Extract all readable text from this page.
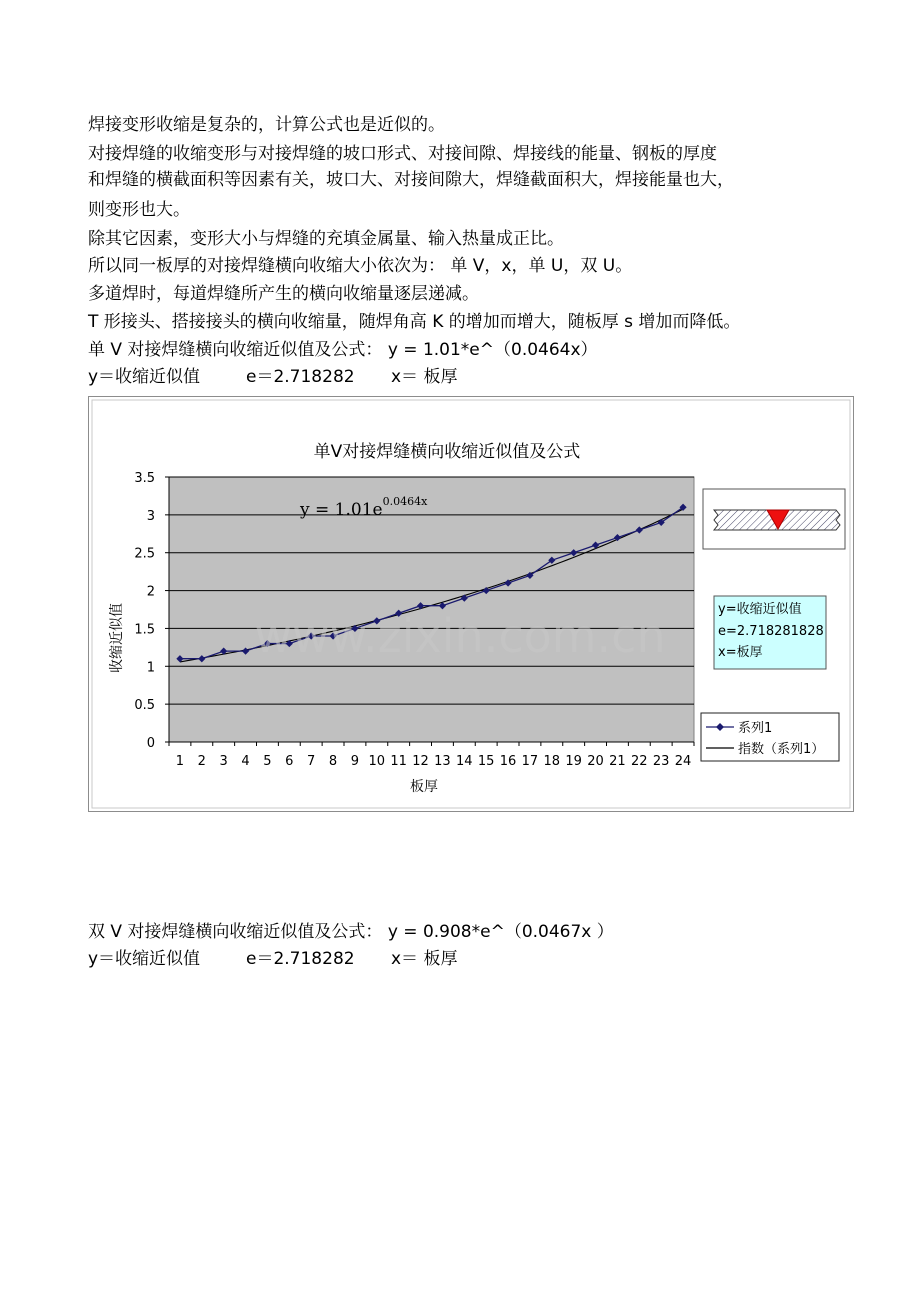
焊接变形收缩是复杂的，计算公式也是近似的。
对接焊缝的收缩变形与对接焊缝的坡口形式、对接间隙、焊接线的能量、钢板的厚度
和焊缝的横截面积等因素有关，坡口大、对接间隙大，焊缝截面积大，焊接能量也大，
则变形也大。
除其它因素，变形大小与焊缝的充填金属量、输入热量成正比。
所以同一板厚的对接焊缝横向收缩大小依次为： 单 V，x，单 U，双 U。
多道焊时，每道焊缝所产生的横向收缩量逐层递减。
T 形接头、搭接接头的横向收缩量，随焊角高 K 的增加而增大，随板厚 s 增加而降低。
单 V 对接焊缝横向收缩近似值及公式： y = 1.01*e^（0.0464x）
y＝收缩近似值	e＝2.718282 x＝ 板厚
单V对接焊缝横向收缩近似值及公式
0
0.5
1
1.5
2
2.5
3
3.5
1 2 3 4 5 6 7 8 9 10 11 12 13 14 15 16 17 18 19 20 21 22 23 24
www.zixin.com.cn
$y = 1.01e^{0.0464x}$
板厚
收缩近似值	y=收缩近似值
e=2.718281828
x=板厚
系列1
指数（系列1）
双 V 对接焊缝横向收缩近似值及公式： y = 0.908*e^（0.0467x ）
y＝收缩近似值	e＝2.718282 x＝ 板厚
